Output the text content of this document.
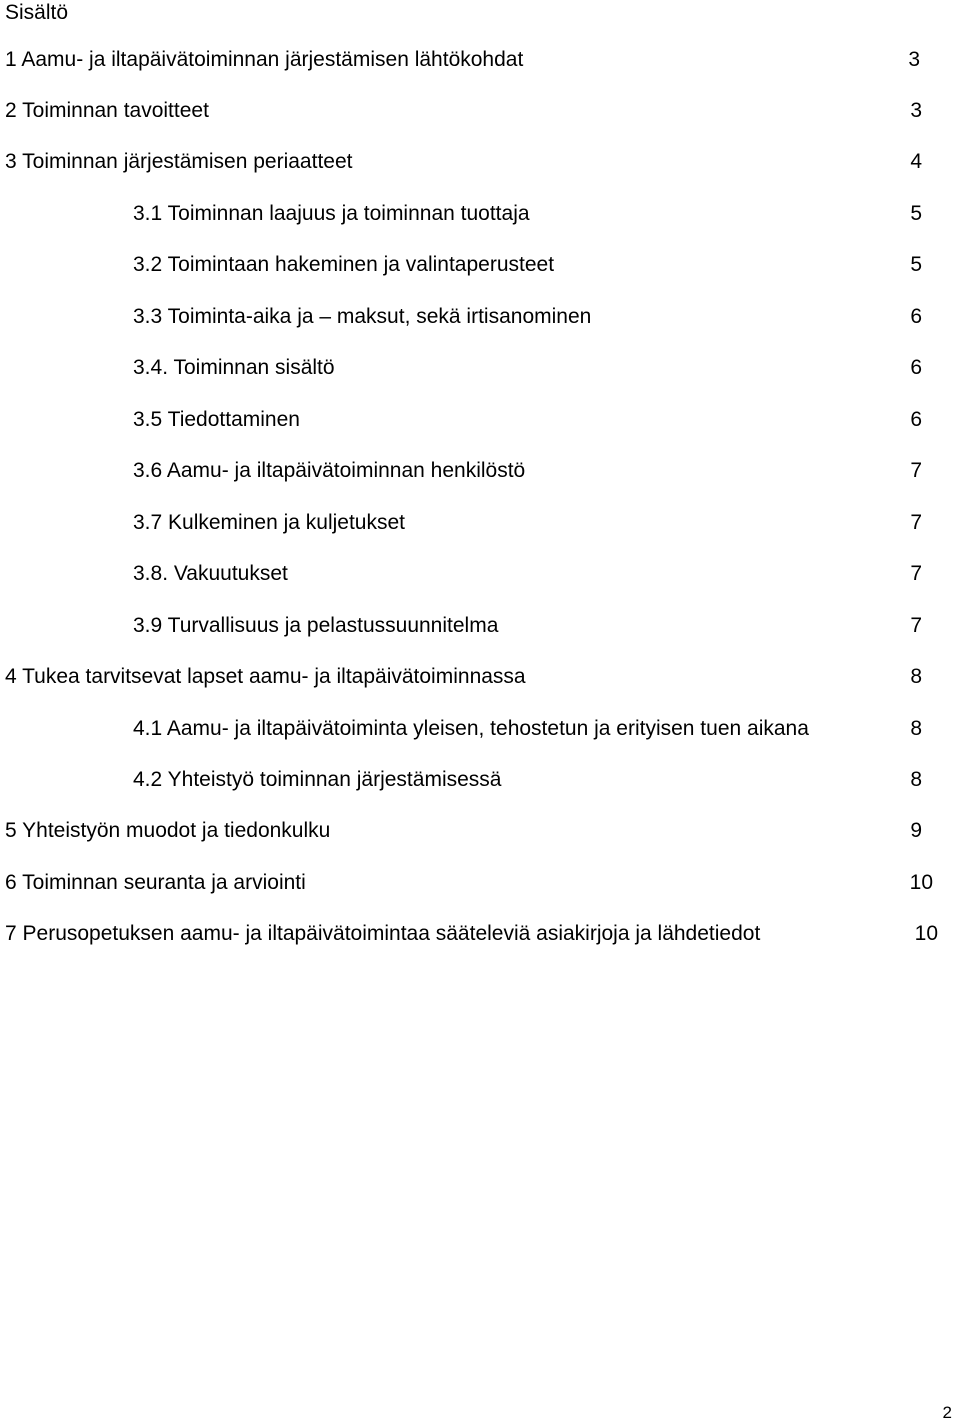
Sisältö
1 Aamu- ja iltapäivätoiminnan järjestämisen lähtökohdat	3
2 Toiminnan tavoitteet	3
3 Toiminnan järjestämisen periaatteet	4
3.1 Toiminnan laajuus ja toiminnan tuottaja	5
3.2 Toimintaan hakeminen ja valintaperusteet	5
3.3 Toiminta-aika ja – maksut, sekä irtisanominen	6
3.4. Toiminnan sisältö	6
3.5 Tiedottaminen	6
3.6 Aamu- ja iltapäivätoiminnan henkilöstö	7
3.7 Kulkeminen ja kuljetukset	7
3.8. Vakuutukset	7
3.9 Turvallisuus ja pelastussuunnitelma	7
4 Tukea tarvitsevat lapset aamu- ja iltapäivätoiminnassa	8
4.1 Aamu- ja iltapäivätoiminta yleisen, tehostetun ja erityisen tuen aikana	8
4.2 Yhteistyö toiminnan järjestämisessä	8
5 Yhteistyön muodot ja tiedonkulku	9
6 Toiminnan seuranta ja arviointi	10
7 Perusopetuksen aamu- ja iltapäivätoimintaa sääteleviä asiakirjoja ja lähdetiedot	10
2
